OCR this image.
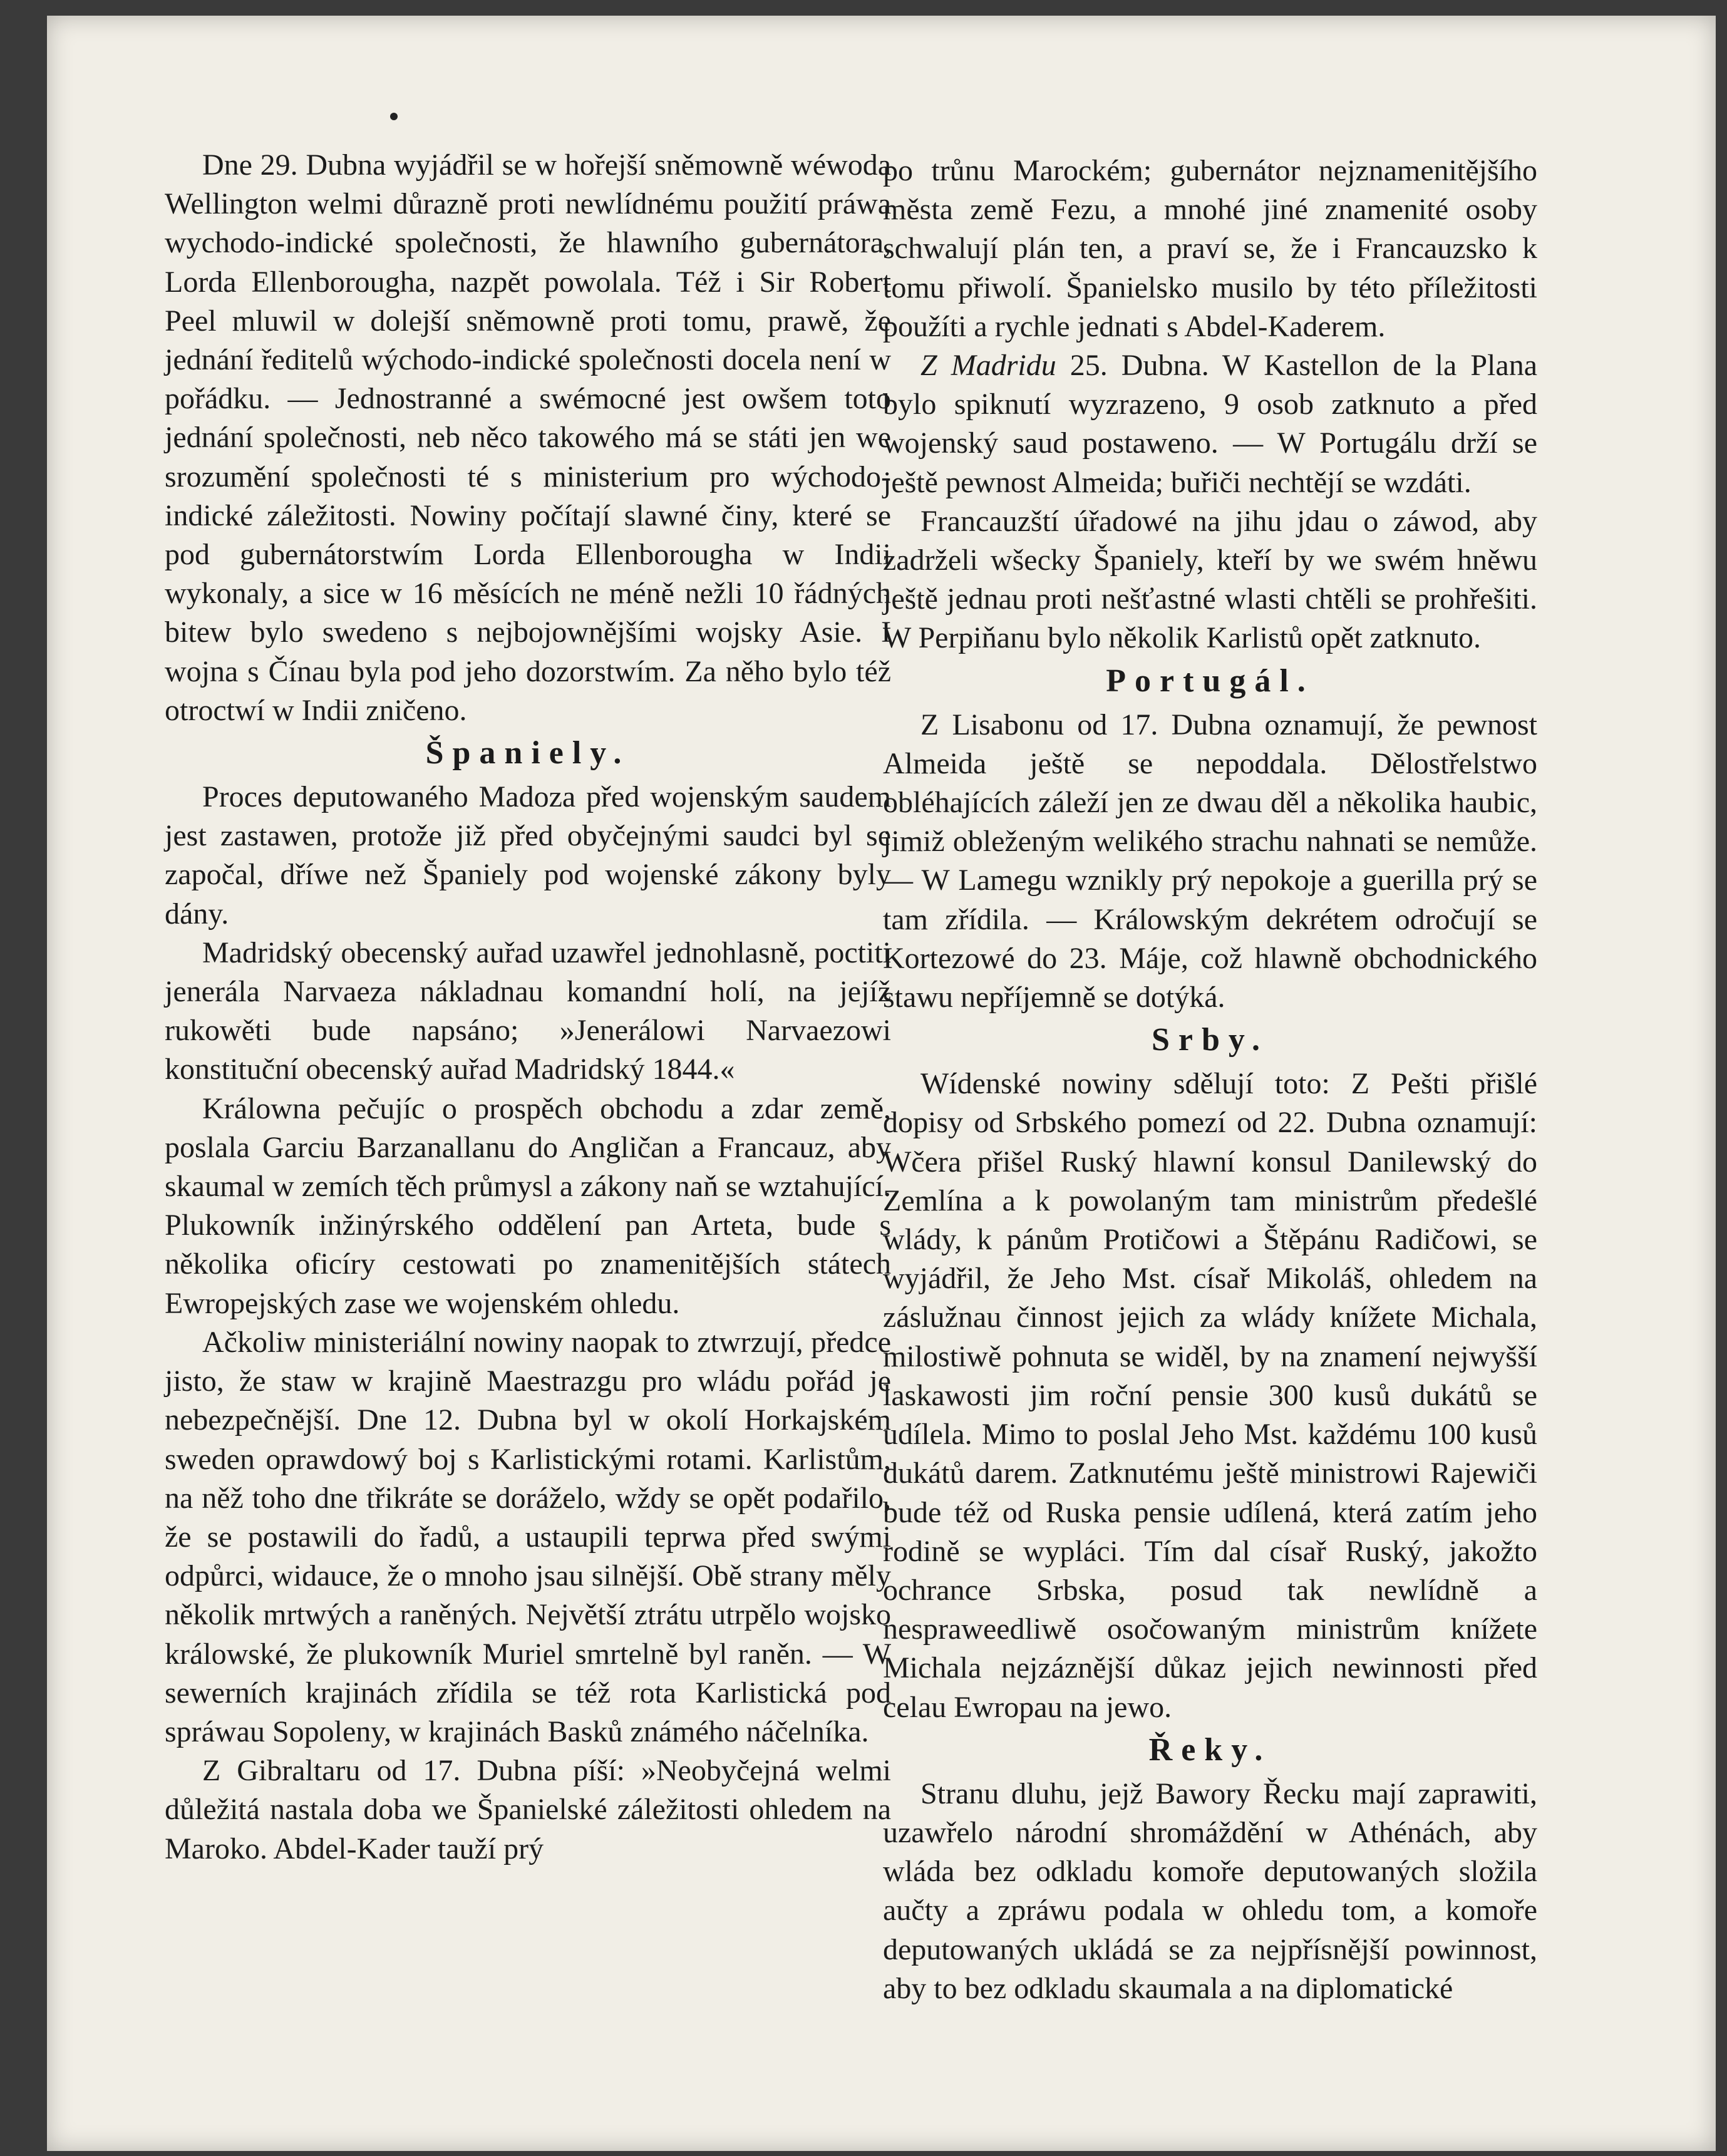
Dne 29. Dubna wyjádřil se w hořejší sněmowně wéwoda Wellington welmi důrazně proti newlídnému použití práwa wychodo-indické společnosti, že hlawního gubernátora, Lorda Ellenborougha, nazpět powolala. Též i Sir Robert Peel mluwil w dolejší sněmowně proti tomu, prawě, že jednání ředitelů wýchodo-indické společnosti docela není w pořádku. — Jednostranné a swémocné jest owšem toto jednání společnosti, neb něco takowého má se státi jen we srozumění společnosti té s ministerium pro wýchodo-indické záležitosti. Nowiny počítají slawné činy, které se pod gubernátorstwím Lorda Ellenborougha w Indii wykonaly, a sice w 16 měsících ne méně nežli 10 řádných bitew bylo swedeno s nejbojownějšími wojsky Asie. I wojna s Čínau byla pod jeho dozorstwím. Za něho bylo též otroctwí w Indii zničeno.

Španiely.

Proces deputowaného Madoza před wojenským saudem jest zastawen, protože již před obyčejnými saudci byl se započal, dříwe než Španiely pod wojenské zákony byly dány.

Madridský obecenský auřad uzawřel jednohlasně, poctiti jenerála Narvaeza nákladnau komandní holí, na jejíž rukowěti bude napsáno; »Jenerálowi Narvaezowi konstituční obecenský auřad Madridský 1844.«

Králowna pečujíc o prospěch obchodu a zdar země, poslala Garciu Barzanallanu do Angličan a Francauz, aby skaumal w zemích těch průmysl a zákony naň se wztahující. Plukowník inžinýrského oddělení pan Arteta, bude s několika oficíry cestowati po znamenitějších státech Ewropejských zase we wojenském ohledu.

Ačkoliw ministeriální nowiny naopak to ztwrzují, předce jisto, že staw w krajině Maestrazgu pro wládu pořád je nebezpečnější. Dne 12. Dubna byl w okolí Horkajském sweden oprawdowý boj s Karlistickými rotami. Karlistům, na něž toho dne třikráte se doráželo, wždy se opět podařilo, že se postawili do řadů, a ustaupili teprwa před swými odpůrci, widauce, že o mnoho jsau silnější. Obě strany měly několik mrtwých a raněných. Největší ztrátu utrpělo wojsko králowské, že plukowník Muriel smrtelně byl raněn. — W sewerních krajinách zřídila se též rota Karlistická pod spráwau Sopoleny, w krajinách Basků známého náčelníka.

Z Gibraltaru od 17. Dubna píší: »Neobyčejná welmi důležitá nastala doba we Španielské záležitosti ohledem na Maroko. Abdel-Kader tauží prý

po trůnu Marockém; gubernátor nejznamenitějšího města země Fezu, a mnohé jiné znamenité osoby schwalují plán ten, a praví se, že i Francauzsko k tomu přiwolí. Španielsko musilo by této příležitosti použíti a rychle jednati s Abdel-Kaderem.

Z Madridu 25. Dubna. W Kastellon de la Plana bylo spiknutí wyzrazeno, 9 osob zatknuto a před wojenský saud postaweno. — W Portugálu drží se ještě pewnost Almeida; buřiči nechtějí se wzdáti.

Francauzští úřadowé na jihu jdau o záwod, aby zadrželi wšecky Španiely, kteří by we swém hněwu ještě jednau proti nešťastné wlasti chtěli se prohřešiti. W Perpiňanu bylo několik Karlistů opět zatknuto.

Portugál.

Z Lisabonu od 17. Dubna oznamují, že pewnost Almeida ještě se nepoddala. Dělostřelstwo obléhajících záleží jen ze dwau děl a několika haubic, jimiž obleženým welikého strachu nahnati se nemůže. — W Lamegu wznikly prý nepokoje a guerilla prý se tam zřídila. — Králowským dekrétem odročují se Kortezowé do 23. Máje, což hlawně obchodnického stawu nepříjemně se dotýká.

Srby.

Wídenské nowiny sdělují toto: Z Pešti přišlé dopisy od Srbského pomezí od 22. Dubna oznamují: Wčera přišel Ruský hlawní konsul Danilewský do Zemlína a k powolaným tam ministrům předešlé wlády, k pánům Protičowi a Štěpánu Radičowi, se wyjádřil, že Jeho Mst. císař Mikoláš, ohledem na záslužnau činnost jejich za wlády knížete Michala, milostiwě pohnuta se widěl, by na znamení nejwyšší laskawosti jim roční pensie 300 kusů dukátů se udílela. Mimo to poslal Jeho Mst. každému 100 kusů dukátů darem. Zatknutému ještě ministrowi Rajewiči bude též od Ruska pensie udílená, která zatím jeho rodině se wypláci. Tím dal císař Ruský, jakožto ochrance Srbska, posud tak newlídně a nespraweedliwě osočowaným ministrům knížete Michala nejzáznější důkaz jejich newinnosti před celau Ewropau na jewo.

Řeky.

Stranu dluhu, jejž Bawory Řecku mají zaprawiti, uzawřelo národní shromáždění w Athénách, aby wláda bez odkladu komoře deputowaných složila aučty a zpráwu podala w ohledu tom, a komoře deputowaných ukládá se za nejpřísnější powinnost, aby to bez odkladu skaumala a na diplomatické
